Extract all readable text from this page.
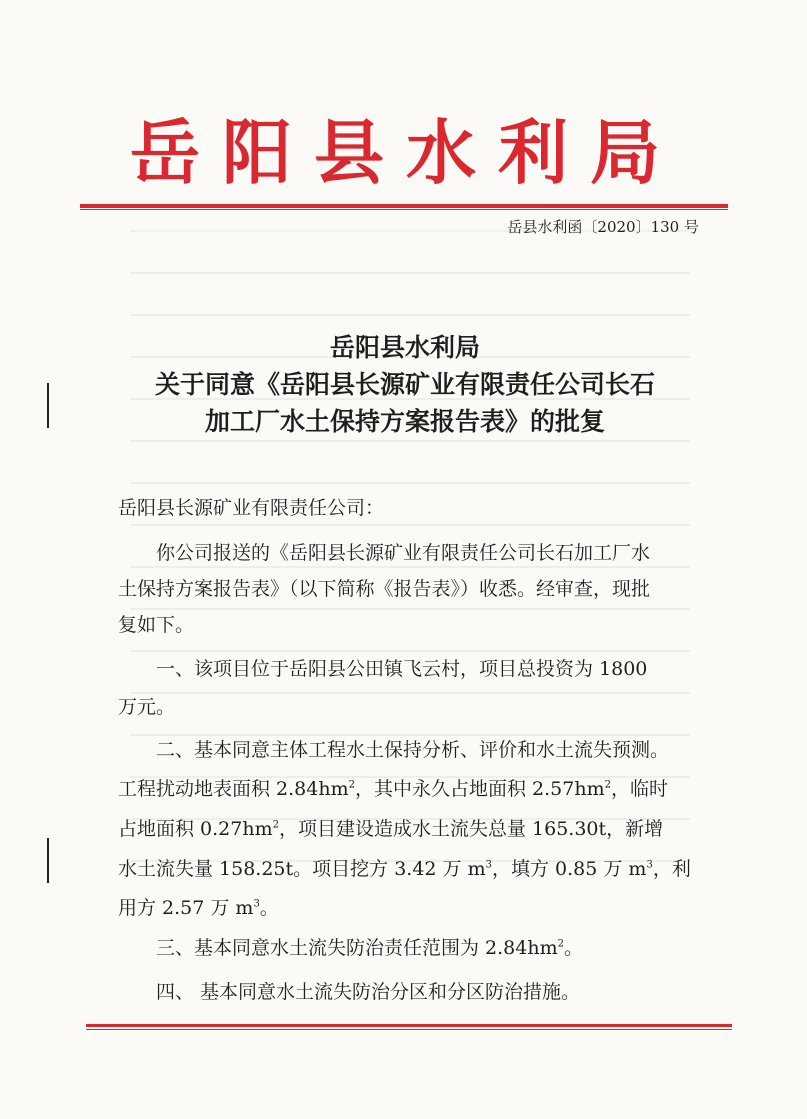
岳阳县水利局
岳县水利函〔2020〕130 号
岳阳县水利局
关于同意《岳阳县长源矿业有限责任公司长石
加工厂水土保持方案报告表》的批复
岳阳县长源矿业有限责任公司：
你公司报送的《岳阳县长源矿业有限责任公司长石加工厂水
土保持方案报告表》（以下简称《报告表》）收悉。经审查，现批
复如下。
一、该项目位于岳阳县公田镇飞云村，项目总投资为 1800
万元。
二、基本同意主体工程水土保持分析、评价和水土流失预测。
工程扰动地表面积 $2.84hm^2$，其中永久占地面积 $2.57hm^2$，临时
占地面积 $0.27hm^2$，项目建设造成水土流失总量 165.30t，新增
水土流失量 158.25t。项目挖方 3.42 万 $m^3$，填方 0.85 万 $m^3$，利
用方 2.57 万 $m^3$。
三、基本同意水土流失防治责任范围为 $2.84hm^2$。
四、 基本同意水土流失防治分区和分区防治措施。
